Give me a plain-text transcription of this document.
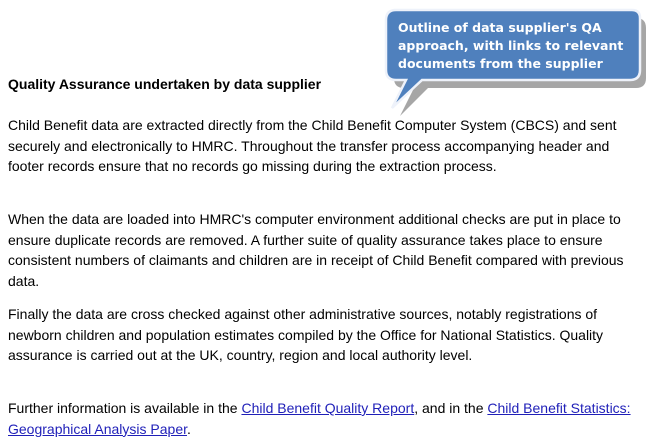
Outline of data supplier's QA approach, with links to relevant documents from the supplier

Quality Assurance undertaken by data supplier

Child Benefit data are extracted directly from the Child Benefit Computer System (CBCS) and sent securely and electronically to HMRC. Throughout the transfer process accompanying header and footer records ensure that no records go missing during the extraction process.

When the data are loaded into HMRC's computer environment additional checks are put in place to ensure duplicate records are removed. A further suite of quality assurance takes place to ensure consistent numbers of claimants and children are in receipt of Child Benefit compared with previous data.

Finally the data are cross checked against other administrative sources, notably registrations of newborn children and population estimates compiled by the Office for National Statistics. Quality assurance is carried out at the UK, country, region and local authority level.

Further information is available in the Child Benefit Quality Report, and in the Child Benefit Statistics: Geographical Analysis Paper.
